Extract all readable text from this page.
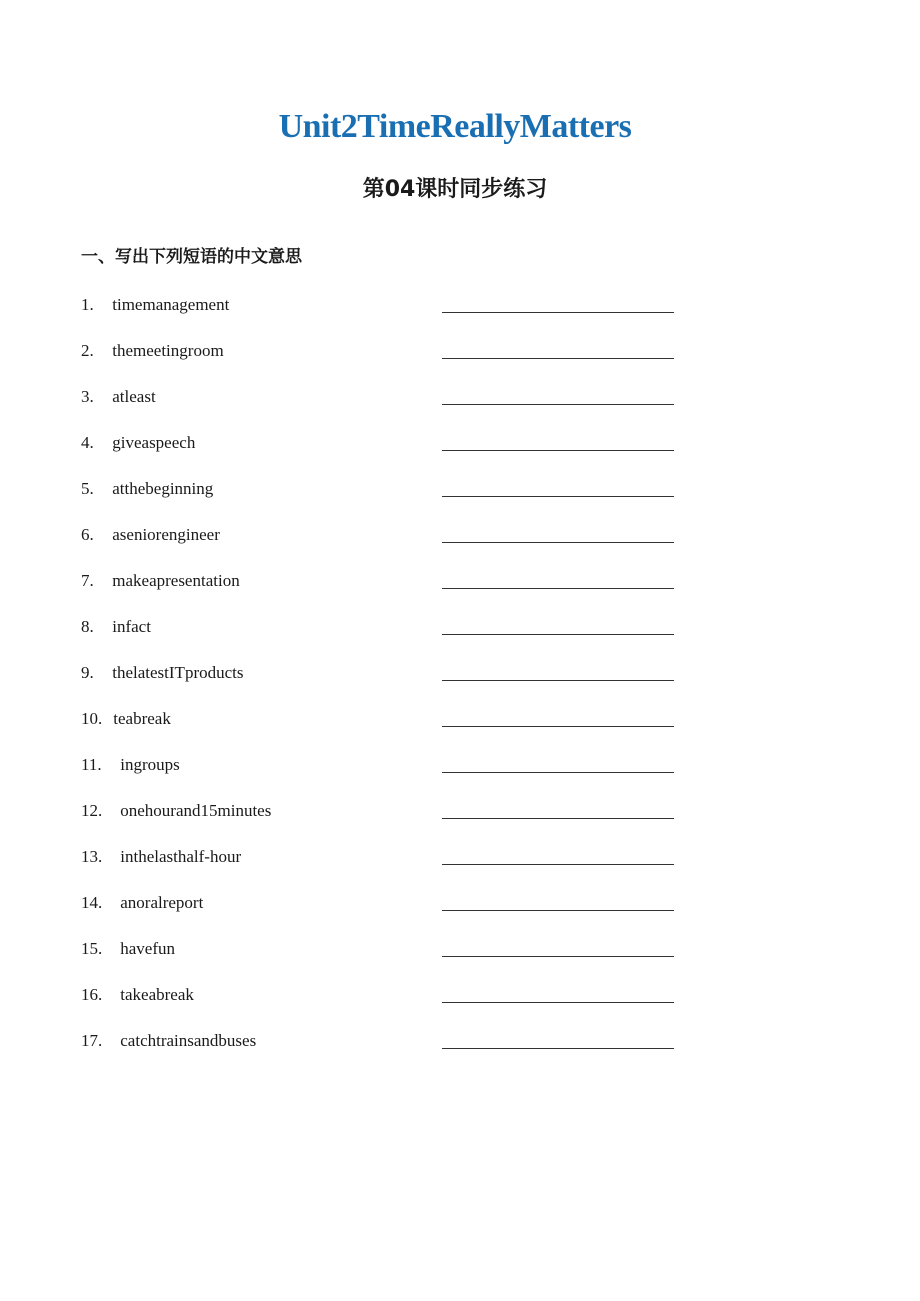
Unit2TimeReallyMatters
第04课时同步练习
一、写出下列短语的中文意思
1. timemanagement
2. themeetingroom
3. atleast
4. giveaspeech
5. atthebeginning
6. aseniorengineer
7. makeapresentation
8. infact
9. thelatestITproducts
10. teabreak
11. ingroups
12. onehourand15minutes
13. inthelasthalf-hour
14. anoralreport
15. havefun
16. takeabreak
17. catchtrainsandbuses
